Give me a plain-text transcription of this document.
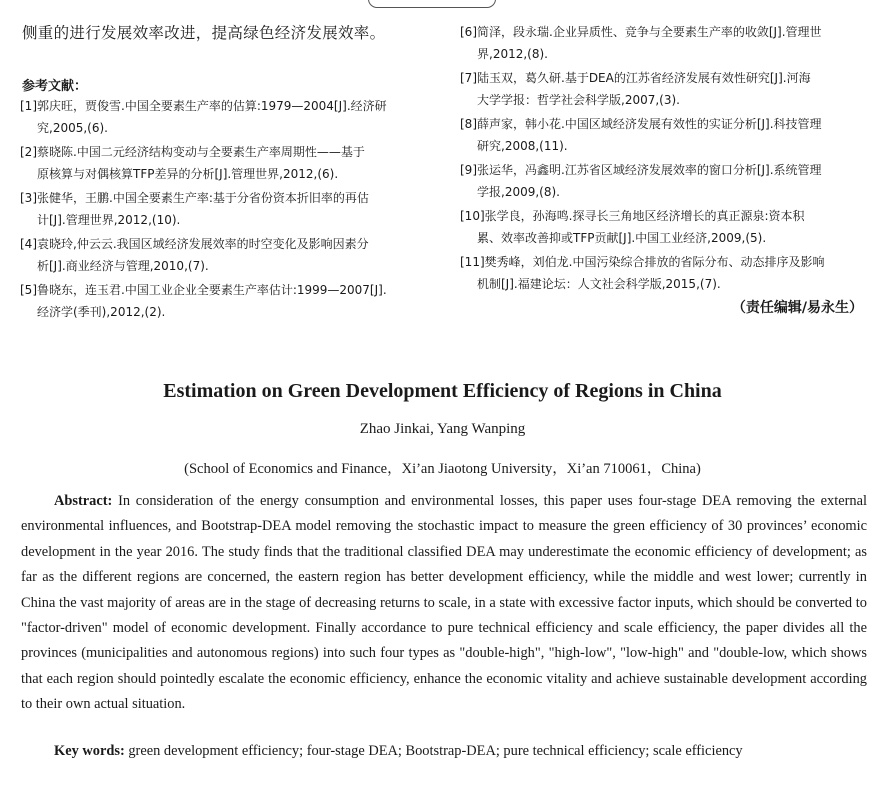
侧重的进行发展效率改进，提高绿色经济发展效率。
参考文献：
[1]郭庆旺，贾俊雪.中国全要素生产率的估算:1979—2004[J].经济研
究,2005,(6).
[2]蔡晓陈.中国二元经济结构变动与全要素生产率周期性——基于
原核算与对偶核算TFP差异的分析[J].管理世界,2012,(6).
[3]张健华，王鹏.中国全要素生产率:基于分省份资本折旧率的再估
计[J].管理世界,2012,(10).
[4]袁晓玲,仲云云.我国区域经济发展效率的时空变化及影响因素分
析[J].商业经济与管理,2010,(7).
[5]鲁晓东，连玉君.中国工业企业全要素生产率估计:1999—2007[J].
经济学(季刊),2012,(2).
[6]简泽，段永瑞.企业异质性、竞争与全要素生产率的收敛[J].管理世
界,2012,(8).
[7]陆玉双，葛久研.基于DEA的江苏省经济发展有效性研究[J].河海
大学学报：哲学社会科学版,2007,(3).
[8]薛声家，韩小花.中国区域经济发展有效性的实证分析[J].科技管理
研究,2008,(11).
[9]张运华，冯鑫明.江苏省区域经济发展效率的窗口分析[J].系统管理
学报,2009,(8).
[10]张学良，孙海鸣.探寻长三角地区经济增长的真正源泉:资本积
累、效率改善抑或TFP贡献[J].中国工业经济,2009,(5).
[11]樊秀峰，刘伯龙.中国污染综合排放的省际分布、动态排序及影响
机制[J].福建论坛：人文社会科学版,2015,(7).
（责任编辑/易永生）
Estimation on Green Development Efficiency of Regions in China
Zhao Jinkai, Yang Wanping
(School of Economics and Finance，Xi’an Jiaotong University，Xi’an 710061，China)

Abstract: In consideration of the energy consumption and environmental losses, this paper uses four-stage DEA removing the external environmental influences, and Bootstrap-DEA model removing the stochastic impact to measure the green efficiency of 30 provinces’ economic development in the year 2016. The study finds that the traditional classified DEA may underestimate the economic efficiency of development; as far as the different regions are concerned, the eastern region has better development efficiency, while the middle and west lower; currently in China the vast majority of areas are in the stage of decreasing returns to scale, in a state with excessive factor inputs, which should be converted to "factor-driven" model of economic development. Finally accordance to pure technical efficiency and scale efficiency, the paper divides all the provinces (municipalities and autonomous regions) into such four types as "double-high", "high-low", "low-high" and "double-low, which shows that each region should pointedly escalate the economic efficiency, enhance the economic vitality and achieve sustainable development according to their own actual situation.

Key words: green development efficiency; four-stage DEA; Bootstrap-DEA; pure technical efficiency; scale efficiency
